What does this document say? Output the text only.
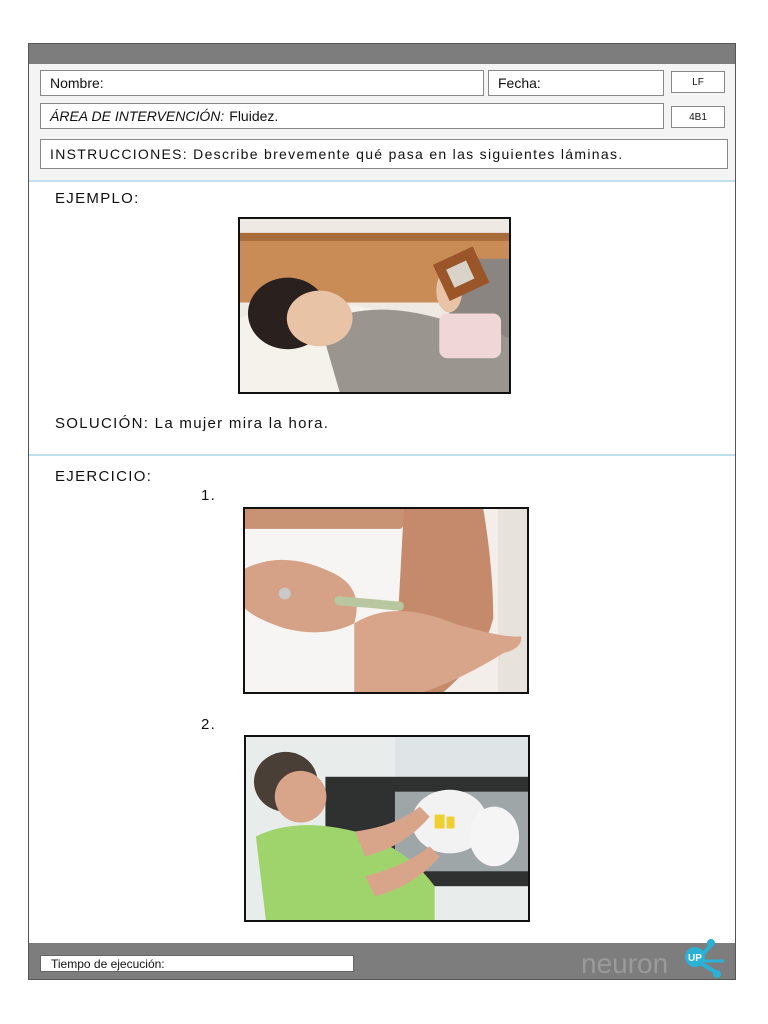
Nombre:	Fecha:	LF
ÁREA DE INTERVENCIÓN: Fluidez.	4B1
INSTRUCCIONES: Describe brevemente qué pasa en las siguientes láminas.
EJEMPLO:
SOLUCIÓN: La mujer mira la hora.
EJERCICIO:
1.
2.
Tiempo de ejecución:	neuron UP
